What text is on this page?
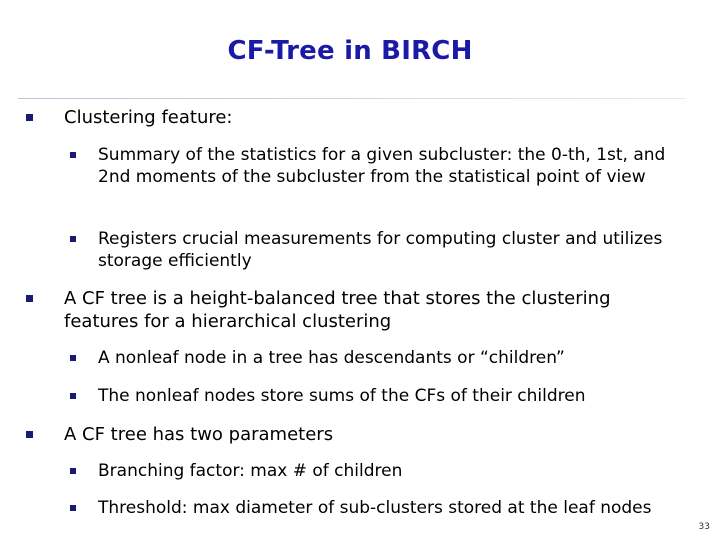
CF-Tree in BIRCH
Clustering feature:
Summary of the statistics for a given subcluster: the 0-th, 1st, and 2nd moments of the subcluster from the statistical point of view
Registers crucial measurements for computing cluster and utilizes storage efficiently
A CF tree is a height-balanced tree that stores the clustering features for a hierarchical clustering
A nonleaf node in a tree has descendants or “children”
The nonleaf nodes store sums of the CFs of their children
A CF tree has two parameters
Branching factor: max # of children
Threshold: max diameter of sub-clusters stored at the leaf nodes
33
